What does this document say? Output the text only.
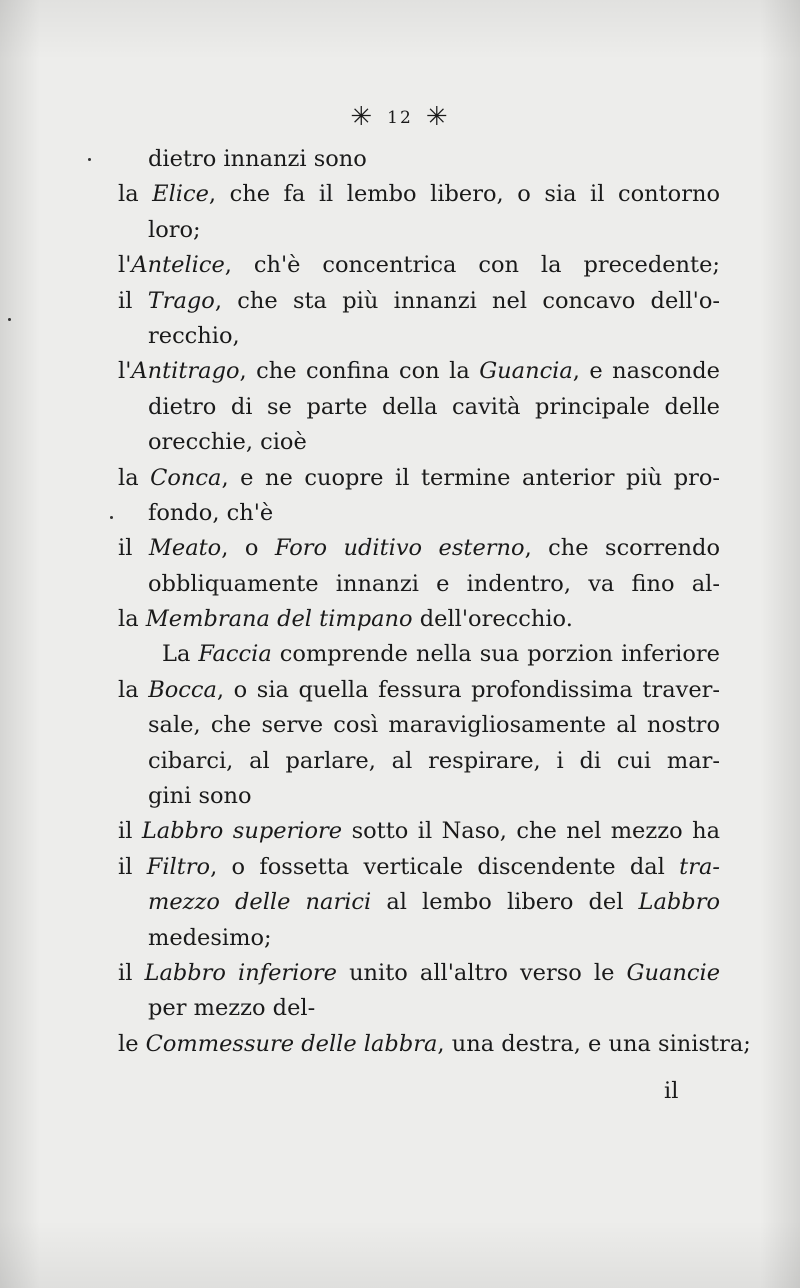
✳ 12 ✳
dietro innanzi sono
la Elice, che fa il lembo libero, o sia il contorno
loro;
l'Antelice, ch'è concentrica con la precedente;
il Trago, che sta più innanzi nel concavo dell'o-
recchio,
l'Antitrago, che confina con la Guancia, e nasconde
dietro di se parte della cavità principale delle
orecchie, cioè
la Conca, e ne cuopre il termine anterior più pro-
fondo, ch'è
il Meato, o Foro uditivo esterno, che scorrendo
obbliquamente innanzi e indentro, va fino al-
la Membrana del timpano dell'orecchio.
La Faccia comprende nella sua porzion inferiore
la Bocca, o sia quella fessura profondissima traver-
sale, che serve così maravigliosamente al nostro
cibarci, al parlare, al respirare, i di cui mar-
gini sono
il Labbro superiore sotto il Naso, che nel mezzo ha
il Filtro, o fossetta verticale discendente dal tra-
mezzo delle narici al lembo libero del Labbro
medesimo;
il Labbro inferiore unito all'altro verso le Guancie
per mezzo del-
le Commessure delle labbra, una destra, e una sinistra;
il
